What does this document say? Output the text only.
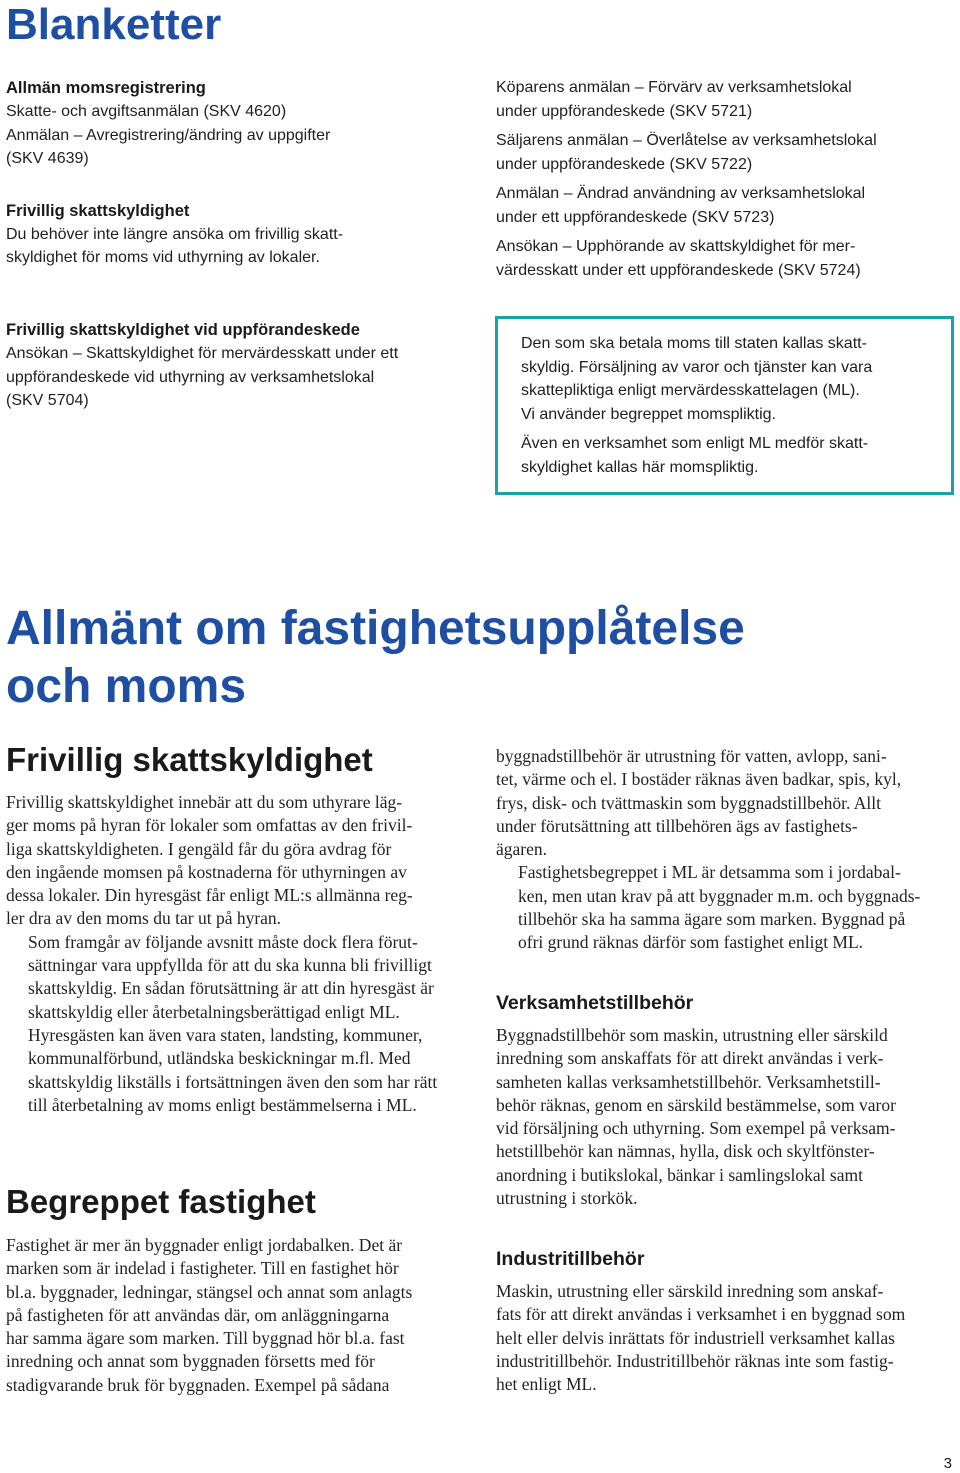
Blanketter

Allmän momsregistrering

Skatte- och avgiftsanmälan (SKV 4620)

Anmälan – Avregistrering/ändring av uppgifter

(SKV 4639)

Frivillig skattskyldighet

Du behöver inte längre ansöka om frivillig skatt-

skyldighet för moms vid uthyrning av lokaler.

Frivillig skattskyldighet vid uppförandeskede

Ansökan – Skattskyldighet för mervärdesskatt under ett

uppförandeskede vid uthyrning av verksamhetslokal

(SKV 5704)

Köparens anmälan – Förvärv av verksamhetslokal

under uppförandeskede (SKV 5721)

Säljarens anmälan – Överlåtelse av verksamhetslokal

under uppförandeskede (SKV 5722)

Anmälan – Ändrad användning av verksamhetslokal

under ett uppförandeskede (SKV 5723)

Ansökan – Upphörande av skattskyldighet för mer-

värdesskatt under ett uppförandeskede (SKV 5724)

Den som ska betala moms till staten kallas skatt-

skyldig. Försäljning av varor och tjänster kan vara

skattepliktiga enligt mervärdesskattelagen (ML).

Vi använder begreppet momspliktig.

Även en verksamhet som enligt ML medför skatt-

skyldighet kallas här momspliktig.

Allmänt om fastighetsupplåtelse
och moms
Frivillig skattskyldighet
Frivillig skattskyldighet innebär att du som uthyrare läg-
ger moms på hyran för lokaler som omfattas av den frivil-
liga skattskyldigheten. I gengäld får du göra avdrag för
den ingående momsen på kostnaderna för uthyrningen av
dessa lokaler. Din hyresgäst får enligt ML:s allmänna reg-
ler dra av den moms du tar ut på hyran.
Som framgår av följande avsnitt måste dock flera förut-
sättningar vara uppfyllda för att du ska kunna bli frivilligt
skattskyldig. En sådan förutsättning är att din hyresgäst är
skattskyldig eller återbetalningsberättigad enligt ML.
Hyresgästen kan även vara staten, landsting, kommuner,
kommunalförbund, utländska beskickningar m.fl. Med
skattskyldig likställs i fortsättningen även den som har rätt
till återbetalning av moms enligt bestämmelserna i ML.
Begreppet fastighet
Fastighet är mer än byggnader enligt jordabalken. Det är
marken som är indelad i fastigheter. Till en fastighet hör
bl.a. byggnader, ledningar, stängsel och annat som anlagts
på fastigheten för att användas där, om anläggningarna
har samma ägare som marken. Till byggnad hör bl.a. fast
inredning och annat som byggnaden försetts med för
stadigvarande bruk för byggnaden. Exempel på sådana
byggnadstillbehör är utrustning för vatten, avlopp, sani-
tet, värme och el. I bostäder räknas även badkar, spis, kyl,
frys, disk- och tvättmaskin som byggnadstillbehör. Allt
under förutsättning att tillbehören ägs av fastighets-
ägaren.
Fastighetsbegreppet i ML är detsamma som i jordabal-
ken, men utan krav på att byggnader m.m. och byggnads-
tillbehör ska ha samma ägare som marken. Byggnad på
ofri grund räknas därför som fastighet enligt ML.
Verksamhetstillbehör
Byggnadstillbehör som maskin, utrustning eller särskild
inredning som anskaffats för att direkt användas i verk-
samheten kallas verksamhetstillbehör. Verksamhetstill-
behör räknas, genom en särskild bestämmelse, som varor
vid försäljning och uthyrning. Som exempel på verksam-
hetstillbehör kan nämnas, hylla, disk och skyltfönster-
anordning i butikslokal, bänkar i samlingslokal samt
utrustning i storkök.
Industritillbehör
Maskin, utrustning eller särskild inredning som anskaf-
fats för att direkt användas i verksamhet i en byggnad som
helt eller delvis inrättats för industriell verksamhet kallas
industritillbehör. Industritillbehör räknas inte som fastig-
het enligt ML.
3
